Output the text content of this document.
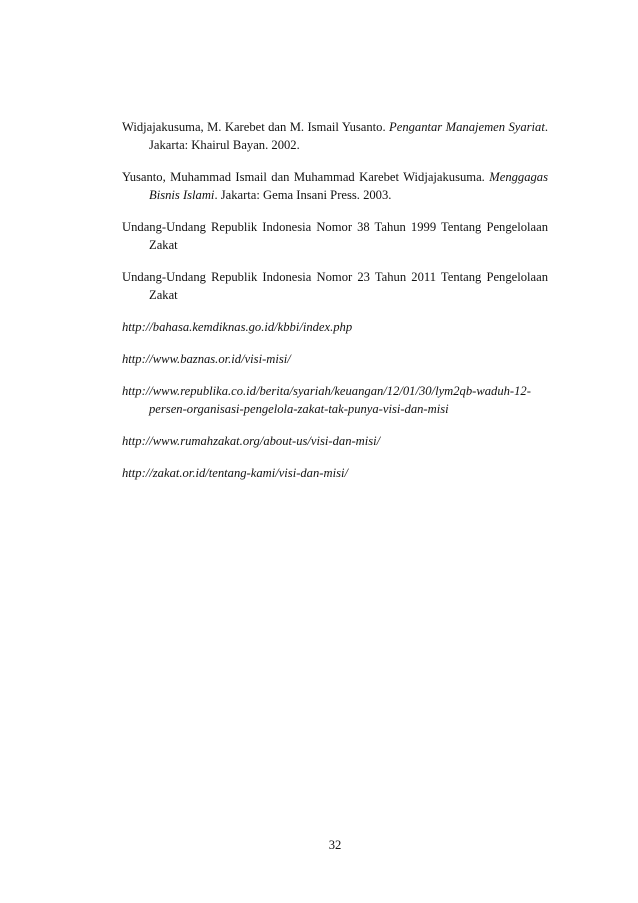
Widjajakusuma, M. Karebet dan M. Ismail Yusanto. Pengantar Manajemen Syariat. Jakarta: Khairul Bayan. 2002.

Yusanto, Muhammad Ismail dan Muhammad Karebet Widjajakusuma. Menggagas Bisnis Islami. Jakarta: Gema Insani Press. 2003.

Undang-Undang Republik Indonesia Nomor 38 Tahun 1999 Tentang Pengelolaan Zakat

Undang-Undang Republik Indonesia Nomor 23 Tahun 2011 Tentang Pengelolaan Zakat

http://bahasa.kemdiknas.go.id/kbbi/index.php

http://www.baznas.or.id/visi-misi/

http://www.republika.co.id/berita/syariah/keuangan/12/01/30/lym2qb-waduh-12-persen-organisasi-pengelola-zakat-tak-punya-visi-dan-misi

http://www.rumahzakat.org/about-us/visi-dan-misi/

http://zakat.or.id/tentang-kami/visi-dan-misi/

32
